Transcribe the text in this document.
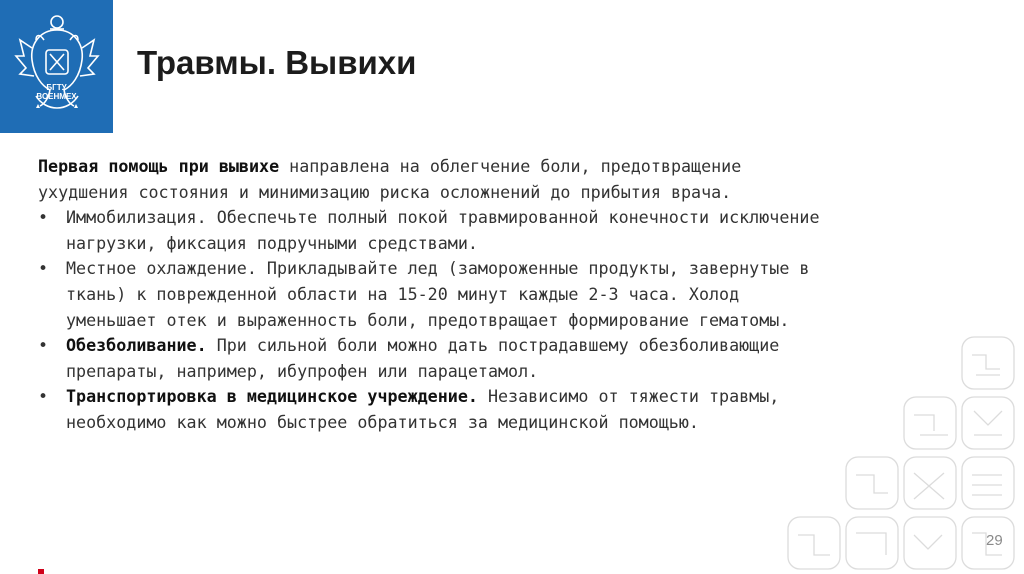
БГТУ
ВОЕНМЕХ
Травмы. Вывихи

Первая помощь при вывихе направлена на облегчение боли, предотвращение ухудшения состояния и минимизацию риска осложнений до прибытия врача.

• Иммобилизация. Обеспечьте полный покой травмированной конечности исключение нагрузки, фиксация подручными средствами.
• Местное охлаждение. Прикладывайте лед (замороженные продукты, завернутые в ткань) к поврежденной области на 15-20 минут каждые 2-3 часа. Холод уменьшает отек и выраженность боли, предотвращает формирование гематомы.
• Обезболивание. При сильной боли можно дать пострадавшему обезболивающие препараты, например, ибупрофен или парацетамол.
• Транспортировка в медицинское учреждение. Независимо от тяжести травмы, необходимо как можно быстрее обратиться за медицинской помощью.
29
